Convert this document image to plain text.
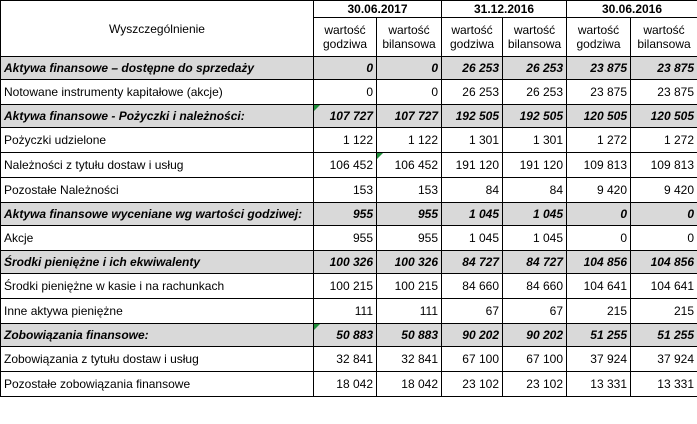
Wyszczególnienie	30.06.2017		31.12.2016		30.06.2016	
	wartość godziwa	wartość bilansowa	wartość godziwa	wartość bilansowa	wartość godziwa	wartość bilansowa
Aktywa finansowe – dostępne do sprzedaży	0	0	26 253	26 253	23 875	23 875
Notowane instrumenty kapitałowe (akcje)	0	0	26 253	26 253	23 875	23 875
Aktywa finansowe - Pożyczki i należności:	107 727	107 727	192 505	192 505	120 505	120 505
Pożyczki udzielone	1 122	1 122	1 301	1 301	1 272	1 272
Należności z tytułu dostaw i usług	106 452	106 452	191 120	191 120	109 813	109 813
Pozostałe Należności	153	153	84	84	9 420	9 420
Aktywa finansowe wyceniane wg wartości godziwej:	955	955	1 045	1 045	0	0
Akcje	955	955	1 045	1 045	0	0
Środki pieniężne i ich ekwiwalenty	100 326	100 326	84 727	84 727	104 856	104 856
Środki pieniężne w kasie i na rachunkach	100 215	100 215	84 660	84 660	104 641	104 641
Inne aktywa pieniężne	111	111	67	67	215	215
Zobowiązania finansowe:	50 883	50 883	90 202	90 202	51 255	51 255
Zobowiązania z tytułu dostaw i usług	32 841	32 841	67 100	67 100	37 924	37 924
Pozostałe zobowiązania finansowe	18 042	18 042	23 102	23 102	13 331	13 331
